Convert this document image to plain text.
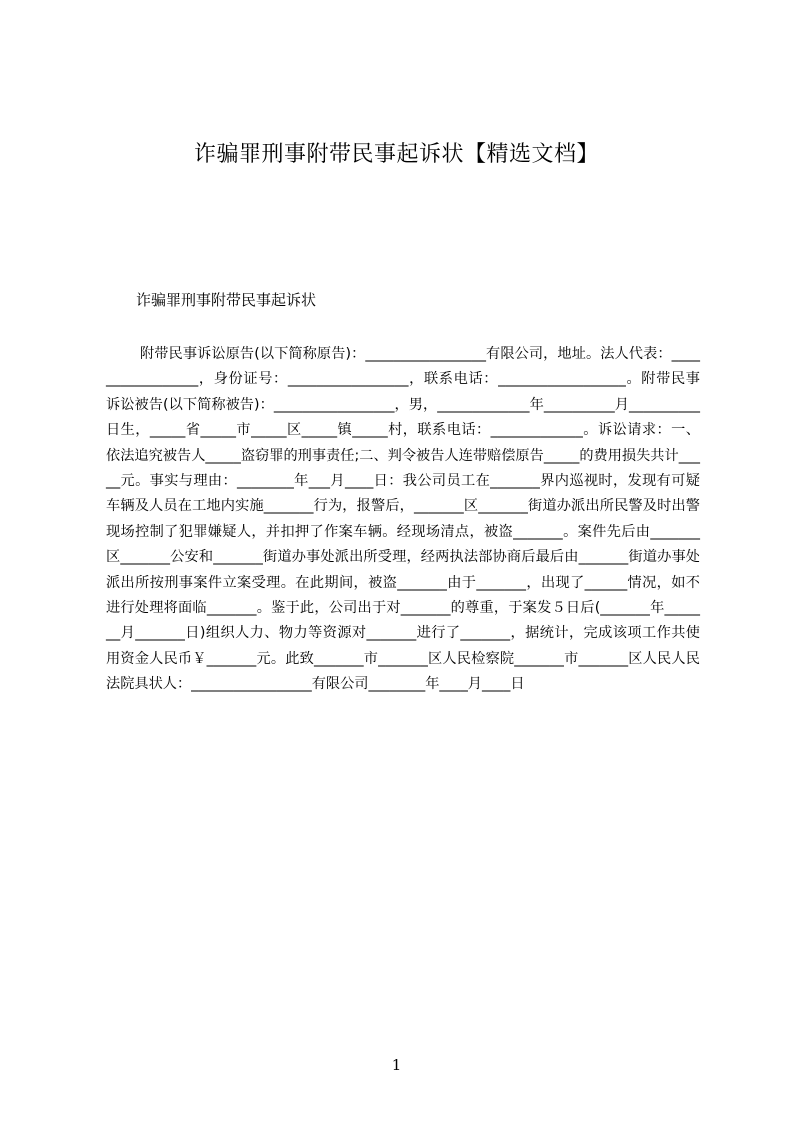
诈骗罪刑事附带民事起诉状【精选文档】

诈骗罪刑事附带民事起诉状

附带民事诉讼原告(以下简称原告)：_________________有限公司，地址。法人代表：_________________，身份证号：_________________，联系电话：__________________。附带民事诉讼被告(以下简称被告)：_________________，男，_____________年__________月__________日生，_____省_____市_____区_____镇_____村，联系电话：_____________。诉讼请求：一、依法追究被告人_____盗窃罪的刑事责任;二、判令被告人连带赔偿原告_____的费用损失共计_____元。事实与理由：________年___月____日：我公司员工在_______界内巡视时，发现有可疑车辆及人员在工地内实施_______行为，报警后，_______区_______街道办派出所民警及时出警现场控制了犯罪嫌疑人，并扣押了作案车辆。经现场清点，被盗_______。案件先后由_______区_______公安和_______街道办事处派出所受理，经两执法部协商后最后由_______街道办事处派出所按刑事案件立案受理。在此期间，被盗_______由于_______，出现了______情况，如不进行处理将面临_______。鉴于此，公司出于对_______的尊重，于案发５日后(_______年_______月_______日)组织人力、物力等资源对_______进行了_______，据统计，完成该项工作共使用资金人民币￥_______元。此致_______市_______区人民检察院_______市_______区人民人民法院具状人：_________________有限公司________年____月____日

1
